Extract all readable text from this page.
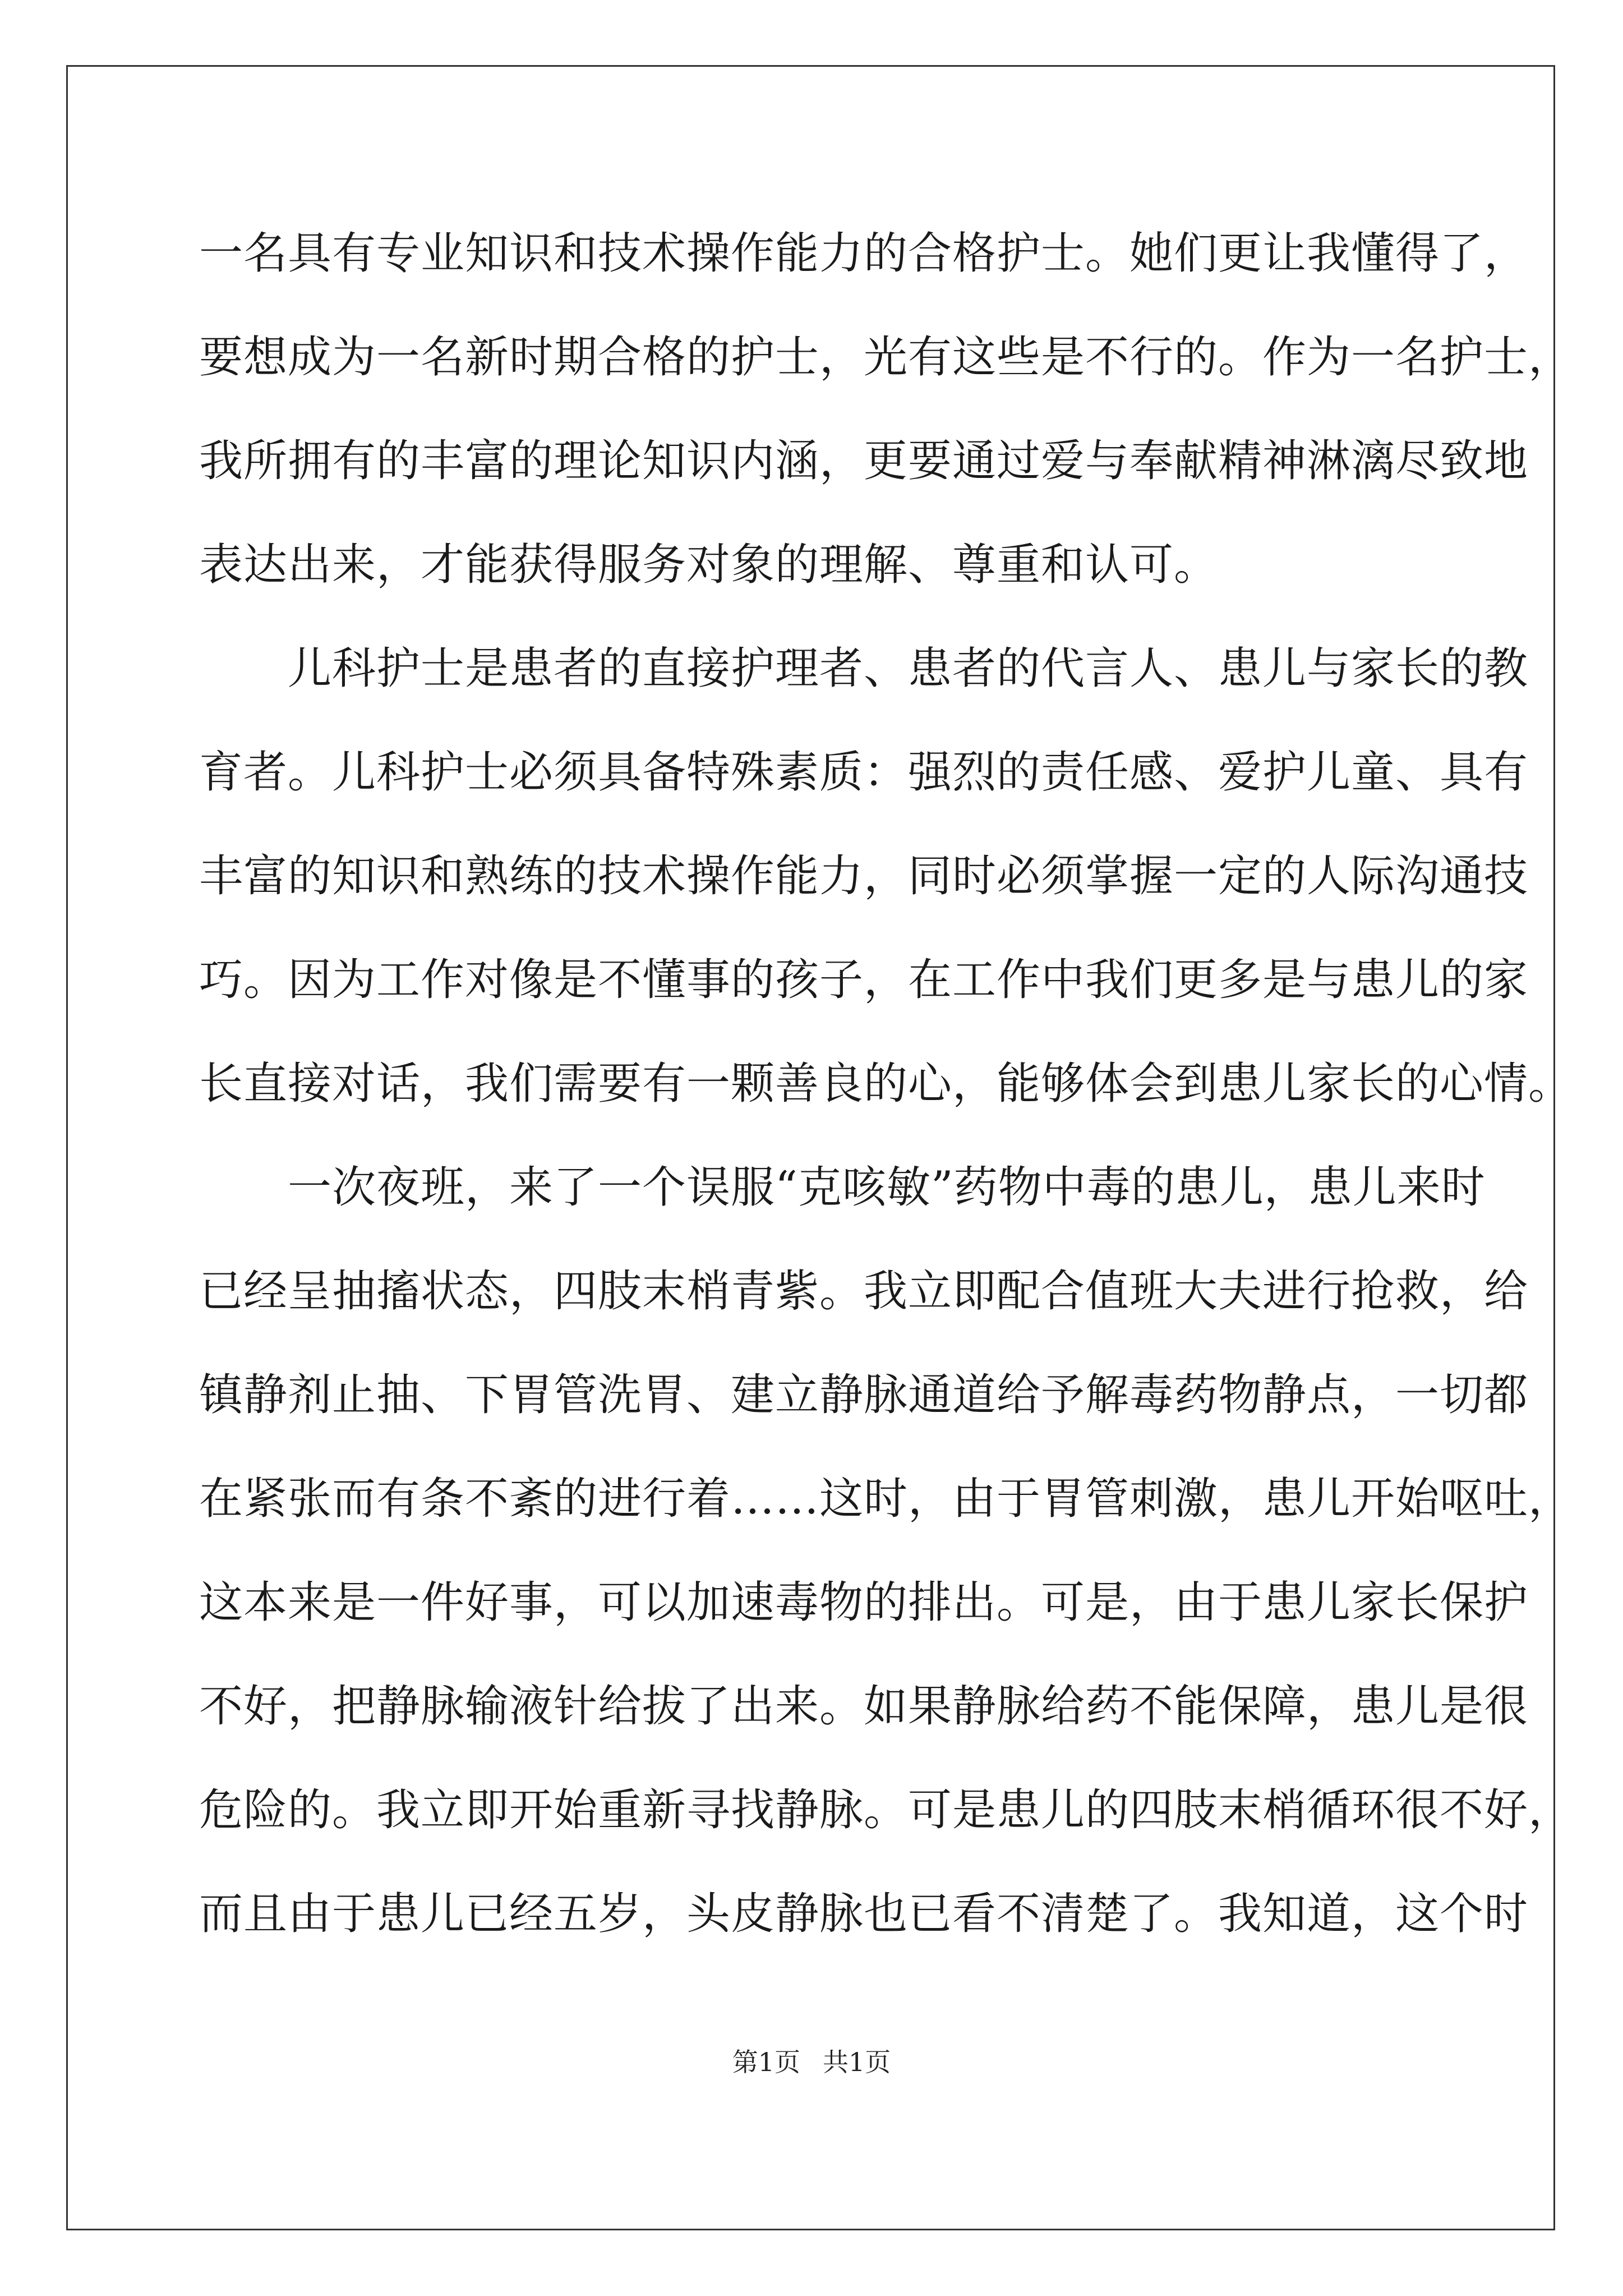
一名具有专业知识和技术操作能力的合格护士。她们更让我懂得了，
要想成为一名新时期合格的护士，光有这些是不行的。作为一名护士，
我所拥有的丰富的理论知识内涵，更要通过爱与奉献精神淋漓尽致地
表达出来，才能获得服务对象的理解、尊重和认可。
儿科护士是患者的直接护理者、患者的代言人、患儿与家长的教
育者。儿科护士必须具备特殊素质：强烈的责任感、爱护儿童、具有
丰富的知识和熟练的技术操作能力，同时必须掌握一定的人际沟通技
巧。因为工作对像是不懂事的孩子，在工作中我们更多是与患儿的家
长直接对话，我们需要有一颗善良的心，能够体会到患儿家长的心情。
一次夜班，来了一个误服“克咳敏”药物中毒的患儿，患儿来时
已经呈抽搐状态，四肢末梢青紫。我立即配合值班大夫进行抢救，给
镇静剂止抽、下胃管洗胃、建立静脉通道给予解毒药物静点，一切都
在紧张而有条不紊的进行着……这时，由于胃管刺激，患儿开始呕吐，
这本来是一件好事，可以加速毒物的排出。可是，由于患儿家长保护
不好，把静脉输液针给拔了出来。如果静脉给药不能保障，患儿是很
危险的。我立即开始重新寻找静脉。可是患儿的四肢末梢循环很不好，
而且由于患儿已经五岁，头皮静脉也已看不清楚了。我知道，这个时
第1页 共1页
